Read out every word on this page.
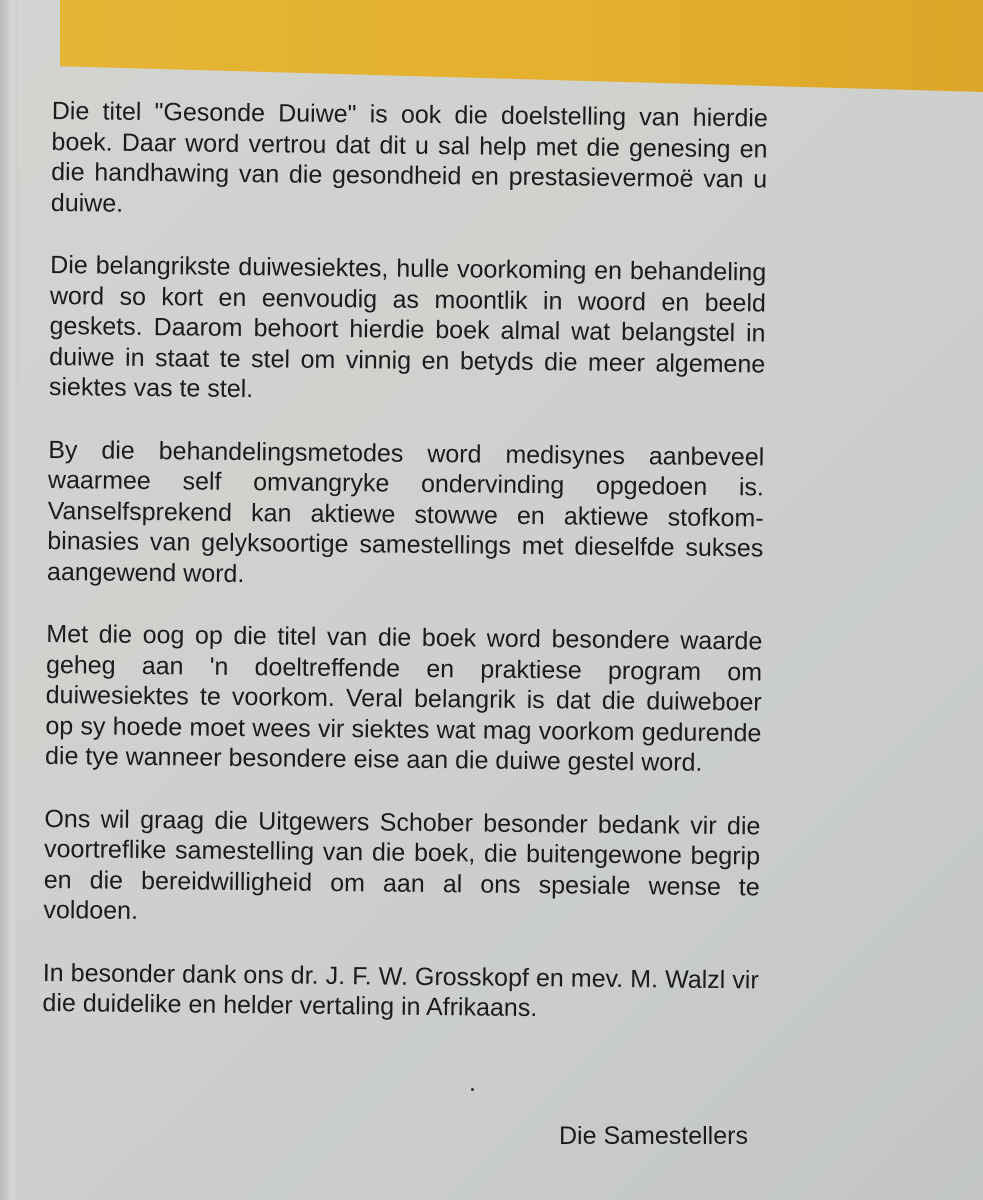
Die titel "Gesonde Duiwe" is ook die doelstelling van hierdie boek. Daar word vertrou dat dit u sal help met die genesing en die handhawing van die gesondheid en prestasievermoë van u duiwe.

Die belangrikste duiwesiektes, hulle voorkoming en behandeling word so kort en eenvoudig as moontlik in woord en beeld geskets. Daarom behoort hierdie boek almal wat belangstel in duiwe in staat te stel om vinnig en betyds die meer algemene siektes vas te stel.

By die behandelingsmetodes word medisynes aanbeveel waarmee self omvangryke ondervinding opgedoen is. Vanselfsprekend kan aktiewe stowwe en aktiewe stofkombinasies van gelyksoortige samestellings met dieselfde sukses aangewend word.

Met die oog op die titel van die boek word besondere waarde geheg aan 'n doeltreffende en praktiese program om duiwesiektes te voorkom. Veral belangrik is dat die duiweboer op sy hoede moet wees vir siektes wat mag voorkom gedurende die tye wanneer besondere eise aan die duiwe gestel word.

Ons wil graag die Uitgewers Schober besonder bedank vir die voortreflike samestelling van die boek, die buitengewone begrip en die bereidwilligheid om aan al ons spesiale wense te voldoen.

In besonder dank ons dr. J. F. W. Grosskopf en mev. M. Walzl vir die duidelike en helder vertaling in Afrikaans.

Die Samestellers
